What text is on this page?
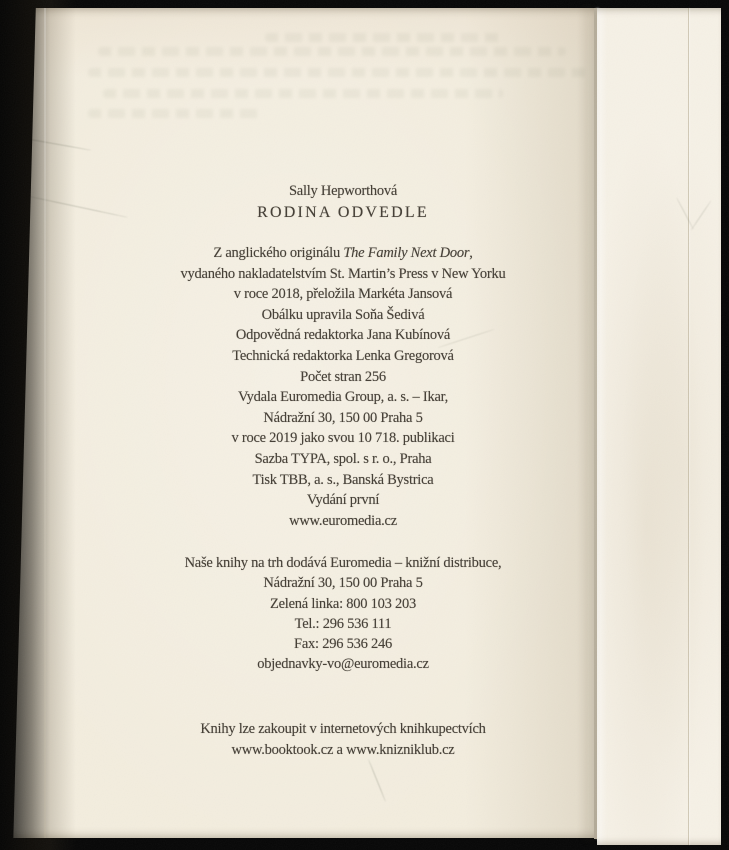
Sally Hepworthová
RODINA ODVEDLE
Z anglického originálu The Family Next Door,
vydaného nakladatelstvím St. Martin’s Press v New Yorku
v roce 2018, přeložila Markéta Jansová
Obálku upravila Soňa Šedivá
Odpovědná redaktorka Jana Kubínová
Technická redaktorka Lenka Gregorová
Počet stran 256
Vydala Euromedia Group, a. s. – Ikar,
Nádražní 30, 150 00 Praha 5
v roce 2019 jako svou 10 718. publikaci
Sazba TYPA, spol. s r. o., Praha
Tisk TBB, a. s., Banská Bystrica
Vydání první
www.euromedia.cz
Naše knihy na trh dodává Euromedia – knižní distribuce,
Nádražní 30, 150 00 Praha 5
Zelená linka: 800 103 203
Tel.: 296 536 111
Fax: 296 536 246
objednavky-vo@euromedia.cz
Knihy lze zakoupit v internetových knihkupectvích
www.booktook.cz a www.knizniklub.cz
